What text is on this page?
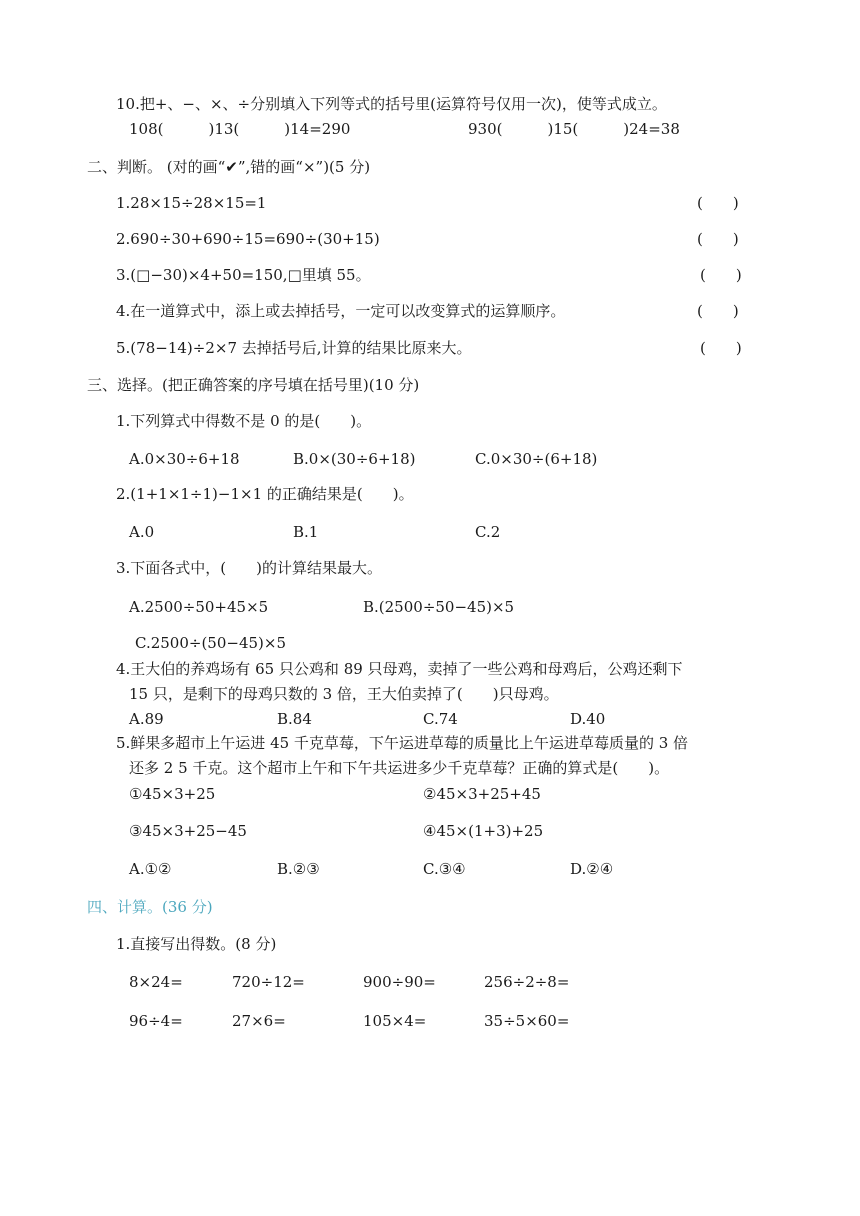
10.把+、−、×、÷分别填入下列等式的括号里(运算符号仅用一次)，使等式成立。
108(　　　)13(　　　)14=290	930(　　　)15(　　　)24=38
二、判断。 (对的画“✔”,错的画“×”)(5 分)
1.28×15÷28×15=1	(　　)
2.690÷30+690÷15=690÷(30+15)	(　　)
3.(□−30)×4+50=150,□里填 55。	(　　)
4.在一道算式中，添上或去掉括号，一定可以改变算式的运算顺序。	(　　)
5.(78−14)÷2×7 去掉括号后,计算的结果比原来大。	(　　)
三、选择。(把正确答案的序号填在括号里)(10 分)
1.下列算式中得数不是 0 的是(　　)。
A.0×30÷6+18	B.0×(30÷6+18)	C.0×30÷(6+18)
2.(1+1×1÷1)−1×1 的正确结果是(　　)。
A.0	B.1	C.2
3.下面各式中，(　　)的计算结果最大。
A.2500÷50+45×5	B.(2500÷50−45)×5
C.2500÷(50−45)×5
4.王大伯的养鸡场有 65 只公鸡和 89 只母鸡，卖掉了一些公鸡和母鸡后，公鸡还剩下
15 只，是剩下的母鸡只数的 3 倍，王大伯卖掉了(　　)只母鸡。
A.89	B.84	C.74	D.40
5.鲜果多超市上午运进 45 千克草莓，下午运进草莓的质量比上午运进草莓质量的 3 倍
还多 2 5 千克。这个超市上午和下午共运进多少千克草莓？正确的算式是(　　)。
①45×3+25	②45×3+25+45
③45×3+25−45	④45×(1+3)+25
A.①②	B.②③	C.③④	D.②④
四、计算。(36 分)
1.直接写出得数。(8 分)
8×24=	720÷12=	900÷90=	256÷2÷8=
96÷4=	27×6=	105×4=	35÷5×60=
